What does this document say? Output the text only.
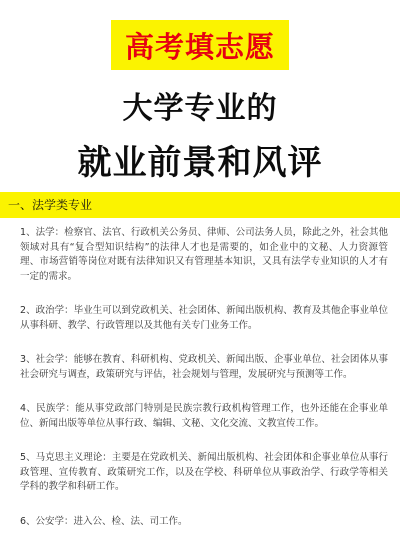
高考填志愿
大学专业的
就业前景和风评
一、法学类专业

1、法学：检察官、法官、行政机关公务员、律师、公司法务人员，除此之外，社会其他领域对具有“复合型知识结构”的法律人才也是需要的，如企业中的文秘、人力资源管理、市场营销等岗位对既有法律知识又有管理基本知识，又具有法学专业知识的人才有一定的需求。

2、政治学：毕业生可以到党政机关、社会团体、新闻出版机构、教育及其他企事业单位从事科研、教学、行政管理以及其他有关专门业务工作。

3、社会学：能够在教育、科研机构、党政机关、新闻出版、企事业单位、社会团体从事社会研究与调查，政策研究与评估，社会规划与管理，发展研究与预测等工作。

4、民族学：能从事党政部门特别是民族宗教行政机构管理工作，也外还能在企事业单位、新闻出版等单位从事行政、编辑、文秘、文化交流、文教宣传工作。

5、马克思主义理论：主要是在党政机关、新闻出版机构、社会团体和企事业单位从事行政管理、宣传教育、政策研究工作，以及在学校、科研单位从事政治学、行政学等相关学科的教学和科研工作。

6、公安学：进入公、检、法、司工作。
